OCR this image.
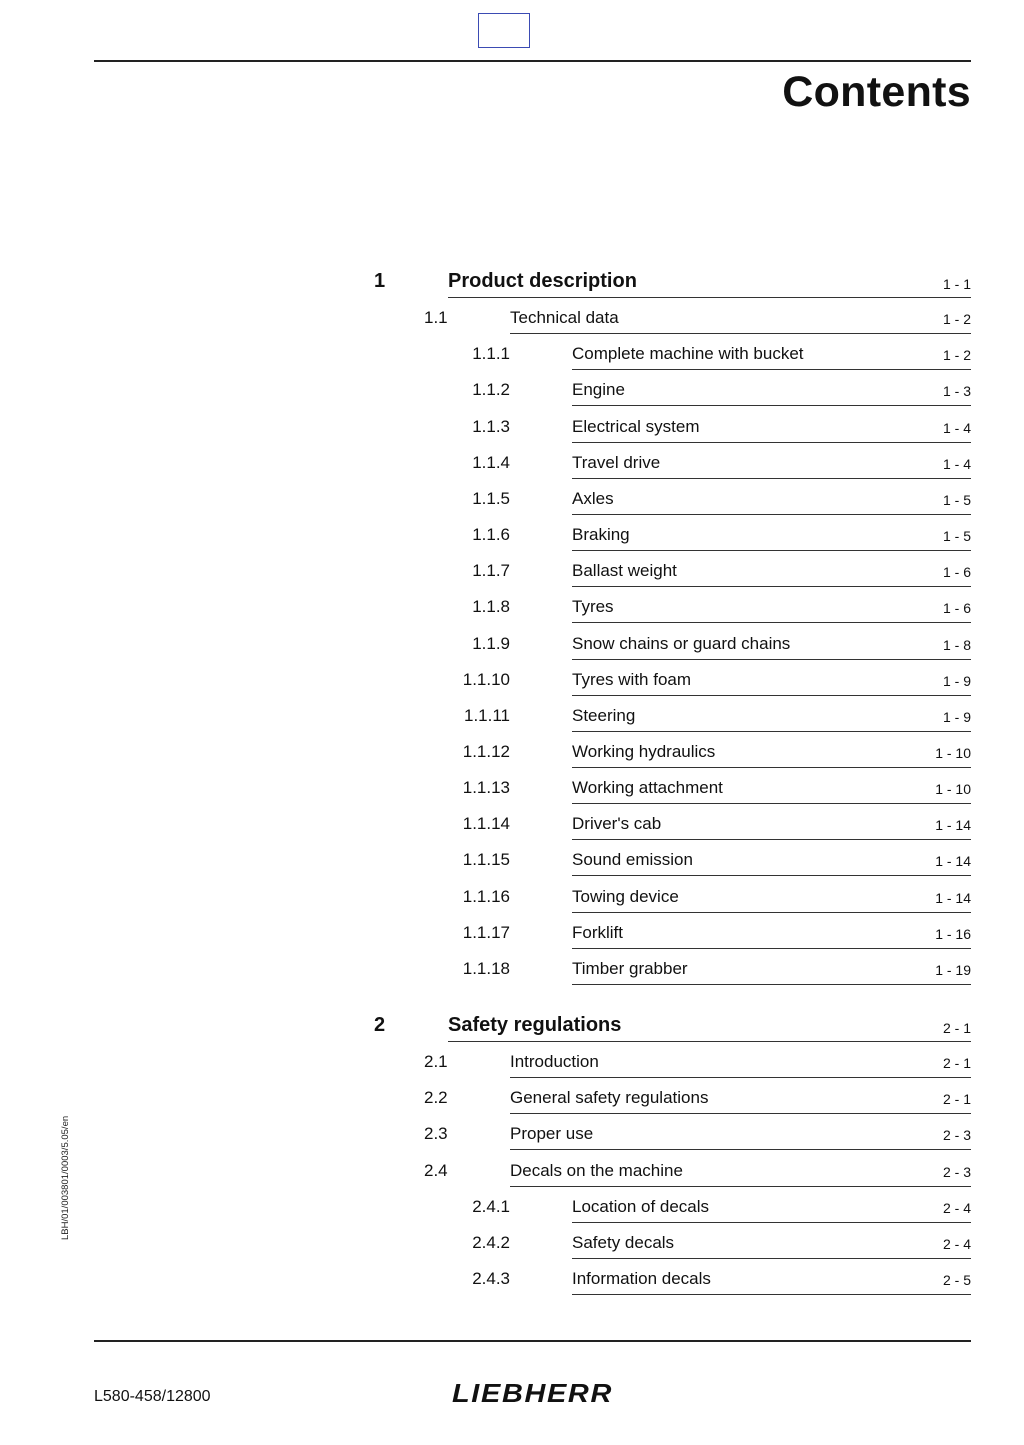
Contents
1	Product description	1 - 1
1.1	Technical data	1 - 2
1.1.1	Complete machine with bucket	1 - 2
1.1.2	Engine	1 - 3
1.1.3	Electrical system	1 - 4
1.1.4	Travel drive	1 - 4
1.1.5	Axles	1 - 5
1.1.6	Braking	1 - 5
1.1.7	Ballast weight	1 - 6
1.1.8	Tyres	1 - 6
1.1.9	Snow chains or guard chains	1 - 8
1.1.10	Tyres with foam	1 - 9
1.1.11	Steering	1 - 9
1.1.12	Working hydraulics	1 - 10
1.1.13	Working attachment	1 - 10
1.1.14	Driver's cab	1 - 14
1.1.15	Sound emission	1 - 14
1.1.16	Towing device	1 - 14
1.1.17	Forklift	1 - 16
1.1.18	Timber grabber	1 - 19
2	Safety regulations	2 - 1
2.1	Introduction	2 - 1
2.2	General safety regulations	2 - 1
2.3	Proper use	2 - 3
2.4	Decals on the machine	2 - 3
2.4.1	Location of decals	2 - 4
2.4.2	Safety decals	2 - 4
2.4.3	Information decals	2 - 5
LBH/01/003801/0003/5.05/en
L580-458/12800	LIEBHERR
